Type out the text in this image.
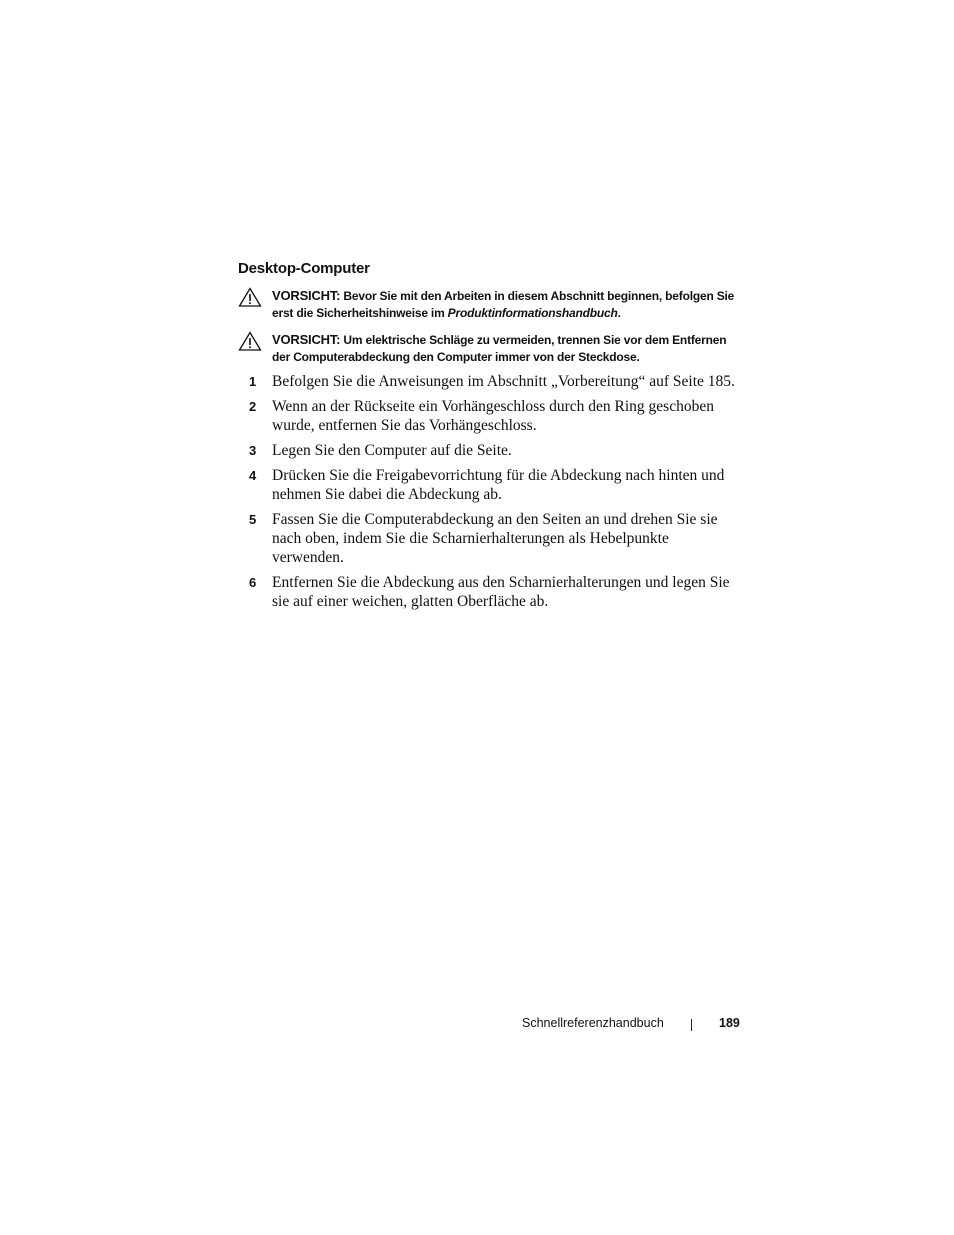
Desktop-Computer
VORSICHT: Bevor Sie mit den Arbeiten in diesem Abschnitt beginnen, befolgen Sie erst die Sicherheitshinweise im Produktinformationshandbuch.
VORSICHT: Um elektrische Schläge zu vermeiden, trennen Sie vor dem Entfernen der Computerabdeckung den Computer immer von der Steckdose.
1 Befolgen Sie die Anweisungen im Abschnitt „Vorbereitung“ auf Seite 185.
2 Wenn an der Rückseite ein Vorhängeschloss durch den Ring geschoben wurde, entfernen Sie das Vorhängeschloss.
3 Legen Sie den Computer auf die Seite.
4 Drücken Sie die Freigabevorrichtung für die Abdeckung nach hinten und nehmen Sie dabei die Abdeckung ab.
5 Fassen Sie die Computerabdeckung an den Seiten an und drehen Sie sie nach oben, indem Sie die Scharnierhalterungen als Hebelpunkte verwenden.
6 Entfernen Sie die Abdeckung aus den Scharnierhalterungen und legen Sie sie auf einer weichen, glatten Oberfläche ab.
Schnellreferenzhandbuch	189
